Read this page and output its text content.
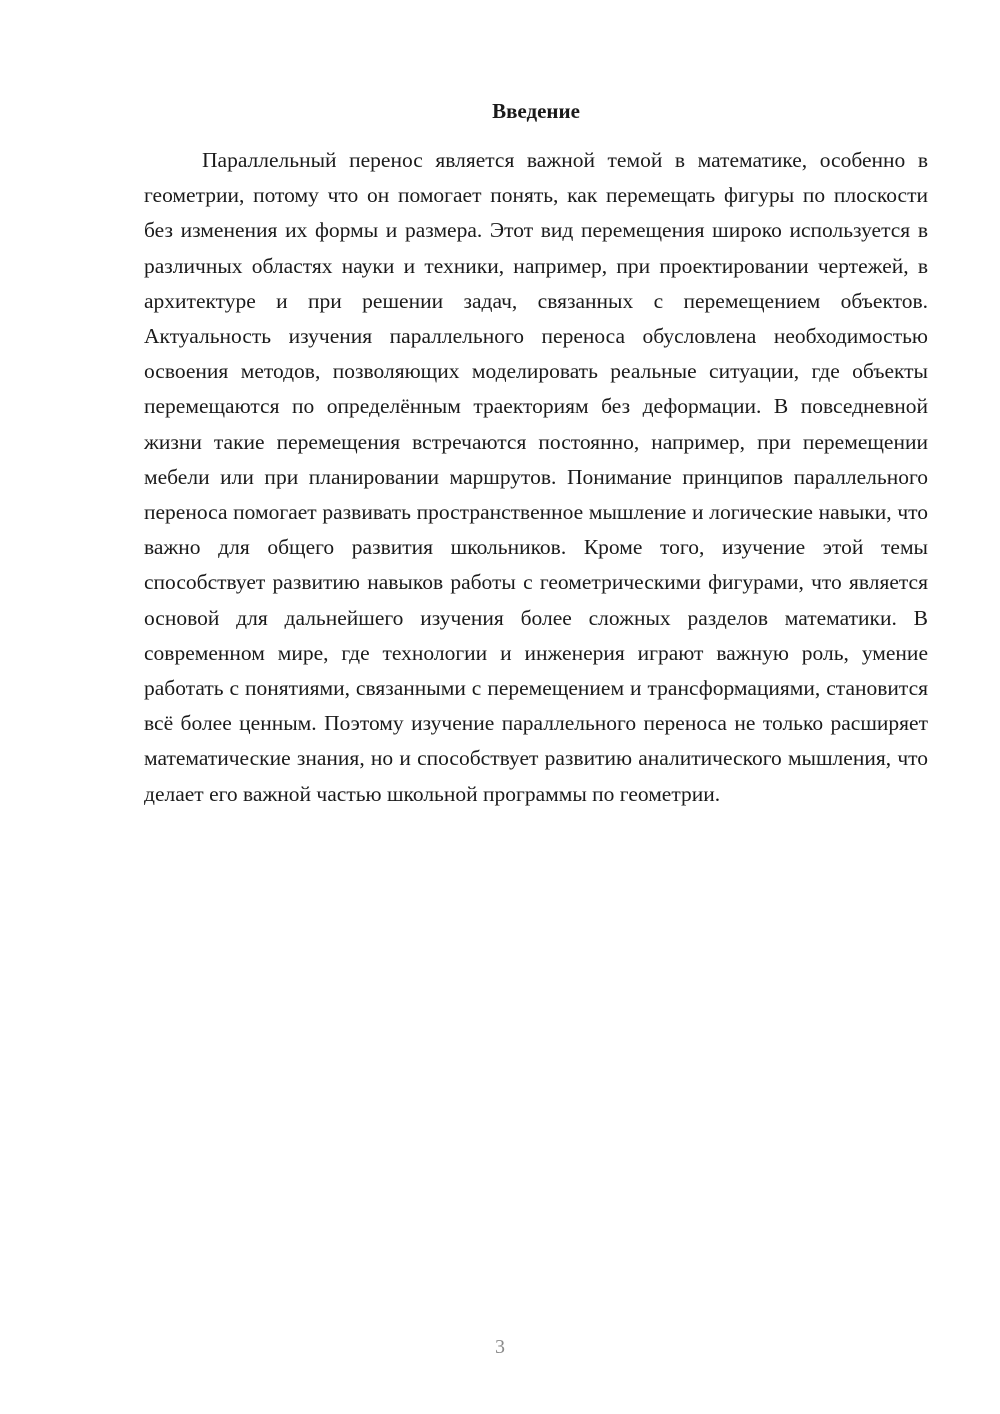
Введение

Параллельный перенос является важной темой в математике, особенно в геометрии, потому что он помогает понять, как перемещать фигуры по плоскости без изменения их формы и размера. Этот вид перемещения широко используется в различных областях науки и техники, например, при проектировании чертежей, в архитектуре и при решении задач, связанных с перемещением объектов. Актуальность изучения параллельного переноса обусловлена необходимостью освоения методов, позволяющих моделировать реальные ситуации, где объекты перемещаются по определённым траекториям без деформации. В повседневной жизни такие перемещения встречаются постоянно, например, при перемещении мебели или при планировании маршрутов. Понимание принципов параллельного переноса помогает развивать пространственное мышление и логические навыки, что важно для общего развития школьников. Кроме того, изучение этой темы способствует развитию навыков работы с геометрическими фигурами, что является основой для дальнейшего изучения более сложных разделов математики. В современном мире, где технологии и инженерия играют важную роль, умение работать с понятиями, связанными с перемещением и трансформациями, становится всё более ценным. Поэтому изучение параллельного переноса не только расширяет математические знания, но и способствует развитию аналитического мышления, что делает его важной частью школьной программы по геометрии.

3
